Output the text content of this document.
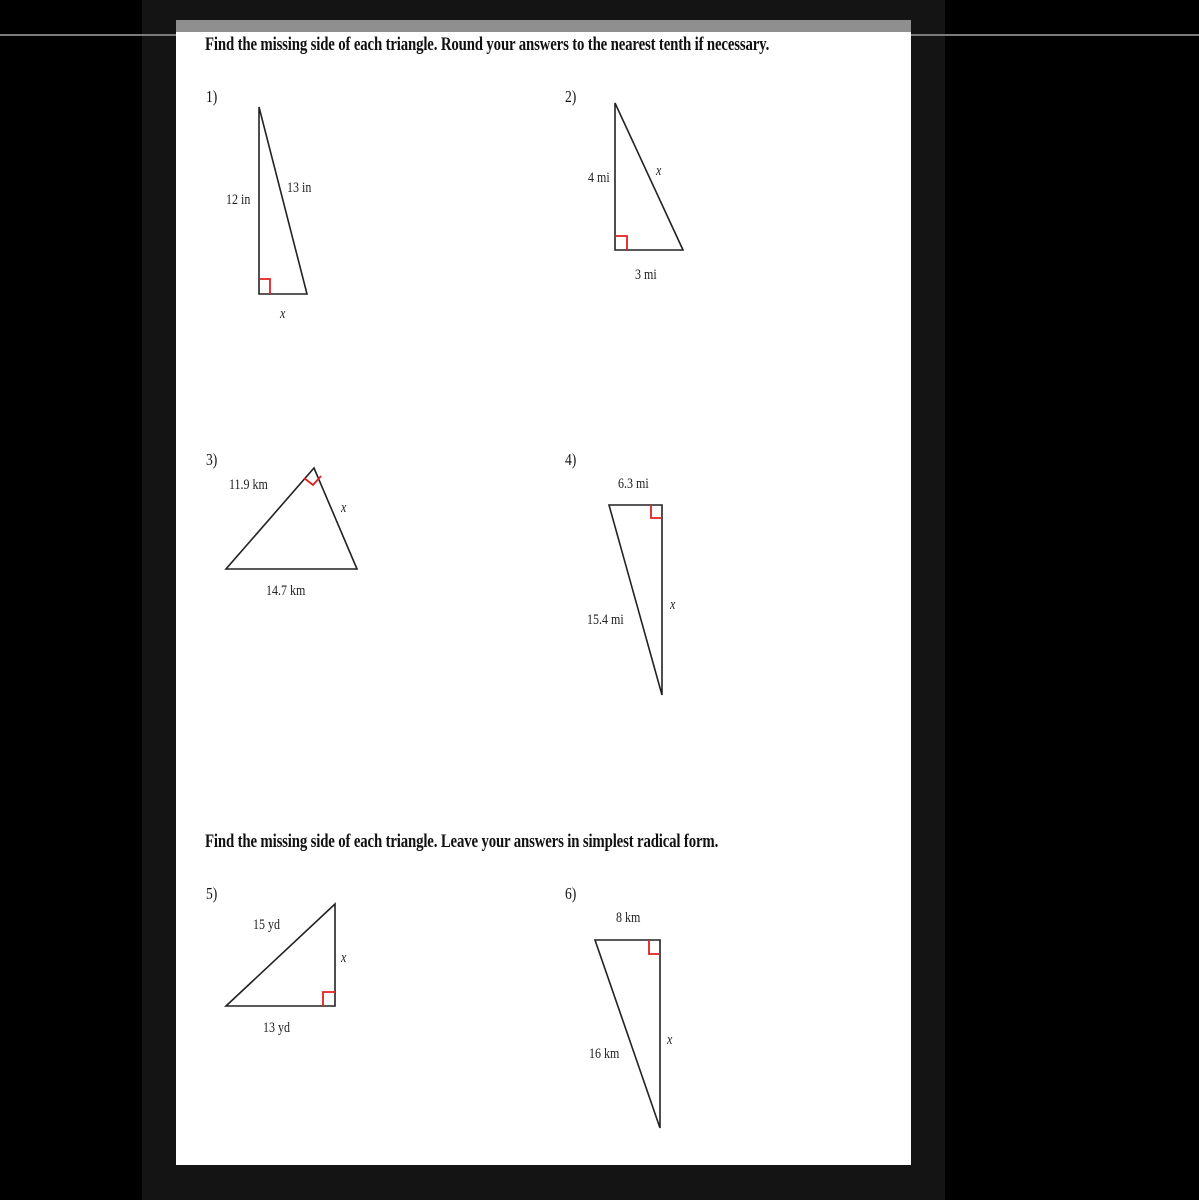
Find the missing side of each triangle. Round your answers to the nearest tenth if necessary.
Find the missing side of each triangle. Leave your answers in simplest radical form.
1)	2)
3)	4)
5)	6)
12 in
13 in
x
4 mi	x
3 mi
11.9 km
x
14.7 km
6.3 mi
15.4 mi
x
15 yd
x
13 yd
8 km
16 km
x
